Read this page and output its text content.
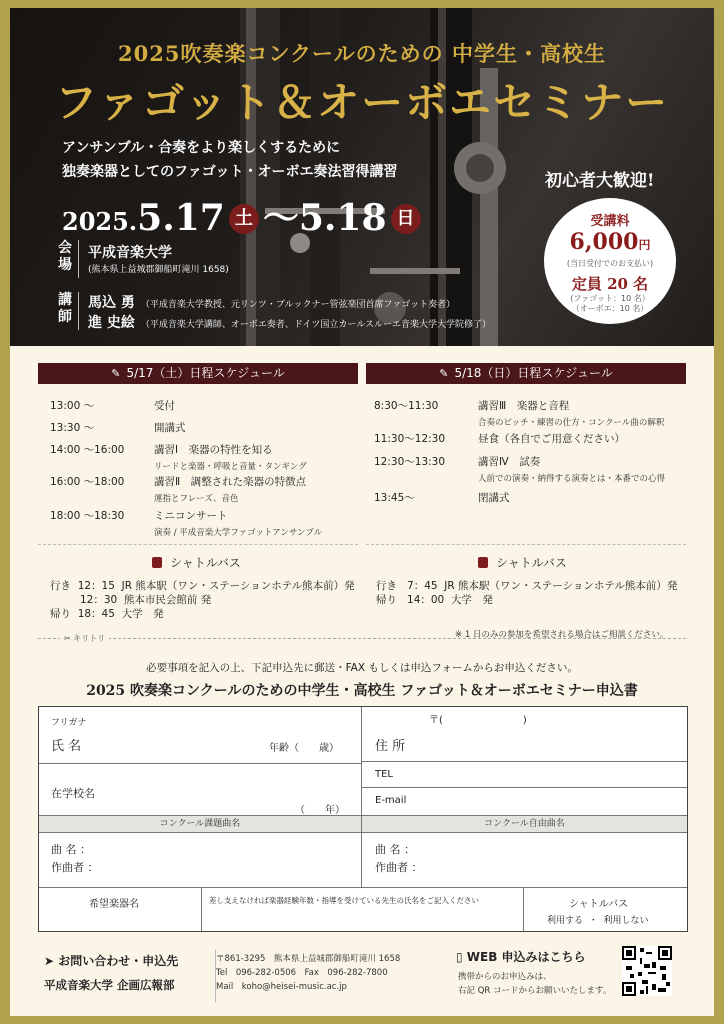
2025吹奏楽コンクールのための 中学生・高校生
ファゴット＆オーボエセミナー
アンサンブル・合奏をより楽しくするために
独奏楽器としてのファゴット・オーボエ奏法習得講習	初心者大歓迎!
2025.5.17 土 〜5.18 日	受講料
6,000円
(当日受付でのお支払い)
定員 20 名
(ファゴット：10 名）
（オーボエ：10 名）
会場
平成音楽大学
(熊本県上益城郡御船町滝川 1658)
講師
馬込 勇 （平成音楽大学教授、元リンツ・ブルックナー管弦楽団首席ファゴット奏者）
進 史絵 （平成音楽大学講師、オーボエ奏者、ドイツ国立カールスルーエ音楽大学大学院修了）
✎ 5/17（土）日程スケジュール
13:00 〜	受付
13:30 〜	開講式
14:00 〜16:00	講習Ⅰ　楽器の特性を知る
リードと楽器・呼吸と音量・タンギング
16:00 〜18:00	講習Ⅱ　調整された楽器の特徴点
運指とフレーズ、音色
18:00 〜18:30	ミニコンサート
演奏 / 平成音楽大学ファゴットアンサンブル
✎ 5/18（日）日程スケジュール
8:30〜11:30	講習Ⅲ　楽器と音程
合奏のピッチ・練習の仕方・コンクール曲の解釈
11:30〜12:30	昼食（各自でご用意ください）
12:30〜13:30	講習Ⅳ　試奏
人前での演奏・納得する演奏とは・本番での心得
13:45〜	閉講式
シャトルバス
行き 12：15 JR 熊本駅（ワン・ステーションホテル熊本前）発
12：30 熊本市民会館前 発
帰り 18：45 大学　発
シャトルバス
行き 7：45 JR 熊本駅（ワン・ステーションホテル熊本前）発
帰り 14：00 大学　発
※ 1 日のみの参加を希望される場合はご相談ください。
✂ キリトリ
必要事項を記入の上、下記申込先に郵送・FAX もしくは申込フォームからお申込ください。
2025 吹奏楽コンクールのための中学生・高校生 ファゴット＆オーボエセミナー申込書
フリガナ
氏 名	年齢（　　歳）
〒(　　　　　　　　)
住 所
在学校名
（　　年）
TEL
E-mail
コンクール課題曲名	コンクール自由曲名
曲 名 ：
作曲者 ：
曲 名 ：
作曲者 ：
希望楽器名	差し支えなければ楽器経験年数・指導を受けている先生の氏名をご記入ください	シャトルバス
利用する ・ 利用しない
➤ お問い合わせ・申込先
平成音楽大学 企画広報部
〒861-3295　熊本県上益城郡御船町滝川 1658
Tel　096-282-0506　Fax　096-282-7800
Mail　koho@heisei-music.ac.jp
▯ WEB 申込みはこちら
携帯からのお申込みは、
右記 QR コードからお願いいたします。
